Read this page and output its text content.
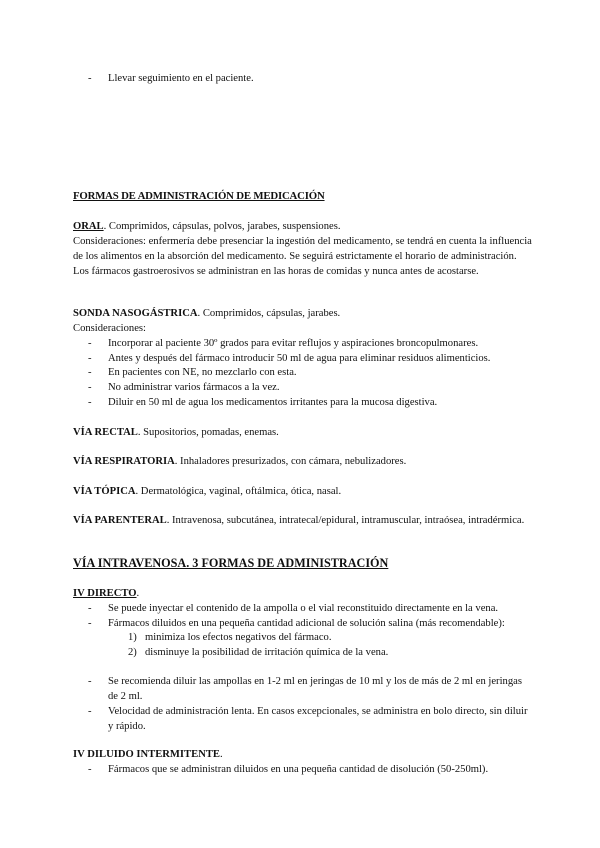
- Llevar seguimiento en el paciente.
FORMAS DE ADMINISTRACIÓN DE MEDICACIÓN
ORAL. Comprimidos, cápsulas, polvos, jarabes, suspensiones.
Consideraciones: enfermería debe presenciar la ingestión del medicamento, se tendrá en cuenta la influencia de los alimentos en la absorción del medicamento. Se seguirá estrictamente el horario de administración. Los fármacos gastroerosivos se administran en las horas de comidas y nunca antes de acostarse.
SONDA NASOGÁSTRICA. Comprimidos, cápsulas, jarabes.
Consideraciones:
- Incorporar al paciente 30º grados para evitar reflujos y aspiraciones broncopulmonares.
- Antes y después del fármaco introducir 50 ml de agua para eliminar residuos alimenticios.
- En pacientes con NE, no mezclarlo con esta.
- No administrar varios fármacos a la vez.
- Diluir en 50 ml de agua los medicamentos irritantes para la mucosa digestiva.
VÍA RECTAL. Supositorios, pomadas, enemas.
VÍA RESPIRATORIA. Inhaladores presurizados, con cámara, nebulizadores.
VÍA TÓPICA. Dermatológica, vaginal, oftálmica, ótica, nasal.
VÍA PARENTERAL. Intravenosa, subcutánea, intratecal/epidural, intramuscular, intraósea, intradérmica.
VÍA INTRAVENOSA. 3 FORMAS DE ADMINISTRACIÓN
IV DIRECTO.
- Se puede inyectar el contenido de la ampolla o el vial reconstituido directamente en la vena.
- Fármacos diluidos en una pequeña cantidad adicional de solución salina (más recomendable):
1) minimiza los efectos negativos del fármaco.
2) disminuye la posibilidad de irritación química de la vena.
- Se recomienda diluir las ampollas en 1-2 ml en jeringas de 10 ml y los de más de 2 ml en jeringas de 2 ml.
- Velocidad de administración lenta. En casos excepcionales, se administra en bolo directo, sin diluir y rápido.
IV DILUIDO INTERMITENTE.
- Fármacos que se administran diluidos en una pequeña cantidad de disolución (50-250ml).
